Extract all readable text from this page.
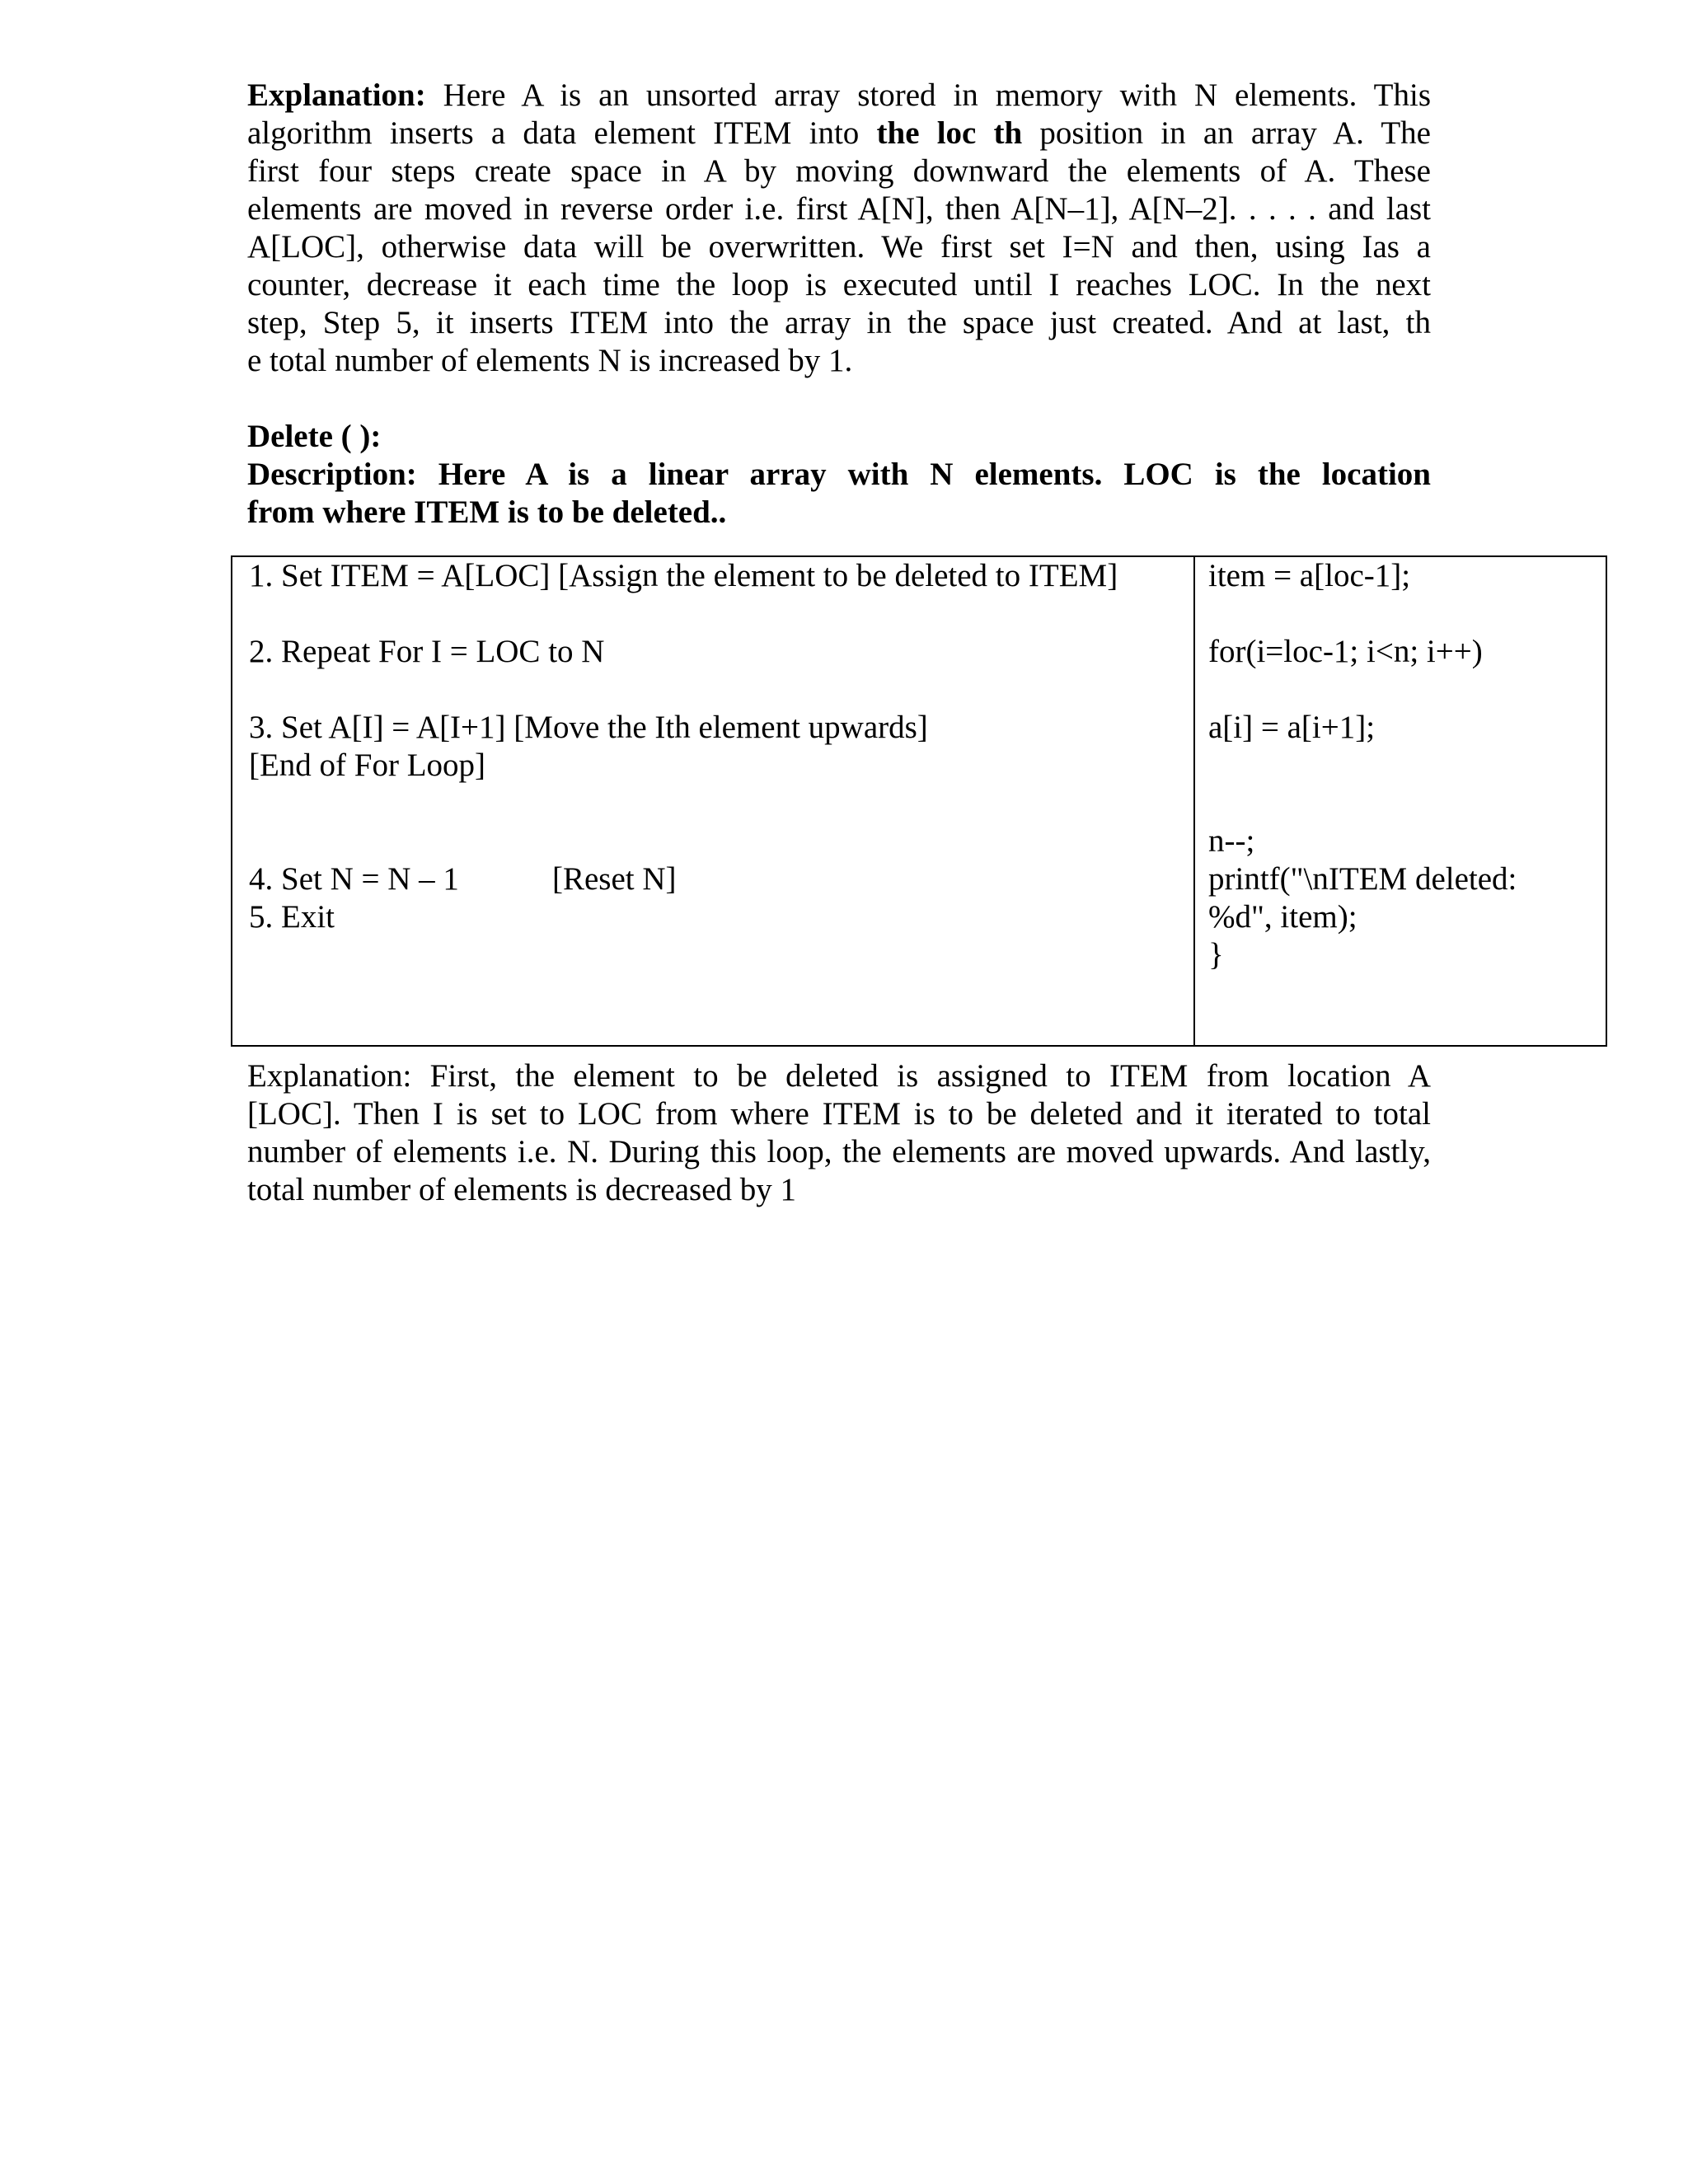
Explanation: Here A is an unsorted array stored in memory with N elements. This
algorithm inserts a data element ITEM into the loc th position in an array A. The
first four steps create space in A by moving downward the elements of A. These
elements are moved in reverse order i.e. first A[N], then A[N–1], A[N–2]. . . . . and last
A[LOC], otherwise data will be overwritten. We first set I=N and then, using Ias a
counter, decrease it each time the loop is executed until I reaches LOC. In the next
step, Step 5, it inserts ITEM into the array in the space just created. And at last, th
e total number of elements N is increased by 1.
Delete ( ):
Description: Here A is a linear array with N elements. LOC is the location
from where ITEM is to be deleted..
1. Set ITEM = A[LOC] [Assign the element to be deleted to ITEM]
2. Repeat For I = LOC to N
3. Set A[I] = A[I+1] [Move the Ith element upwards]
[End of For Loop]
4. Set N = N – 1	[Reset N]
5. Exit
item = a[loc-1];
for(i=loc-1; i<n; i++)
a[i] = a[i+1];
n--;
printf("\nITEM deleted:
%d", item);
}
Explanation: First, the element to be deleted is assigned to ITEM from location A
[LOC]. Then I is set to LOC from where ITEM is to be deleted and it iterated to total
number of elements i.e. N. During this loop, the elements are moved upwards. And lastly,
total number of elements is decreased by 1
